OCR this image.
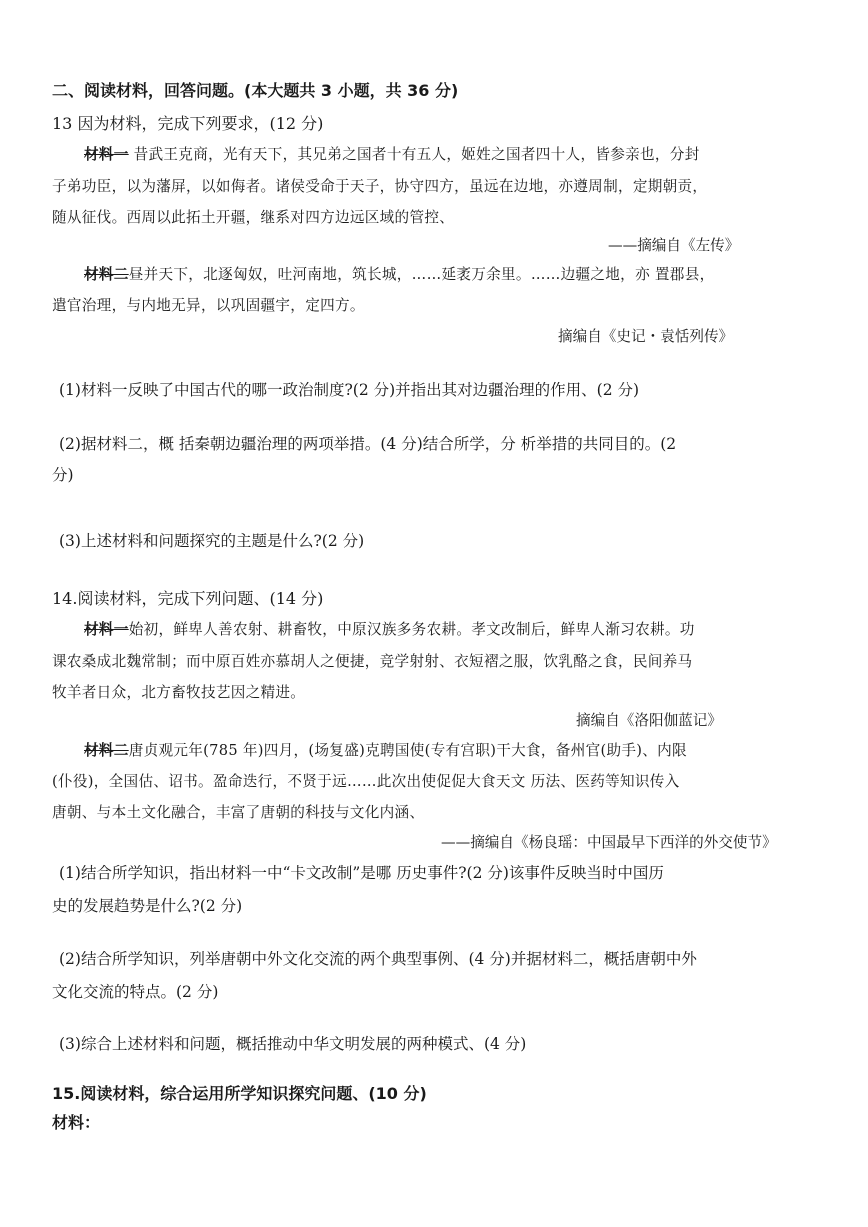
二、阅读材料，回答问题。(本大题共 3 小题，共 36 分)
13 因为材料，完成下列要求，(12 分)
材料一 昔武王克商，光有天下，其兄弟之国者十有五人，姬姓之国者四十人，皆参亲也，分封
子弟功臣，以为藩屏，以如侮者。诸侯受命于天子，协守四方，虽远在边地，亦遵周制，定期朝贡，
随从征伐。西周以此拓土开疆，继系对四方边远区域的管控、
——摘编自《左传》
材料二昼并天下，北逐匈奴，吐河南地，筑长城，……延袤万余里。……边疆之地，亦 置郡县，
遣官治理，与内地无异，以巩固疆宇，定四方。
摘编自《史记・袁恬列传》
(1)材料一反映了中国古代的哪一政治制度?(2 分)并指出其对边疆治理的作用、(2 分)
(2)据材料二，概 括秦朝边疆治理的两项举措。(4 分)结合所学，分 析举措的共同目的。(2
分)
(3)上述材料和问题探究的主题是什么?(2 分)
14.阅读材料，完成下列问题、(14 分)
材料一始初，鲜卑人善农射、耕畜牧，中原汉族多务农耕。孝文改制后，鲜卑人渐习农耕。功
课农桑成北魏常制；而中原百姓亦慕胡人之便捷，竞学射射、衣短褶之服，饮乳酪之食，民间养马
牧羊者日众，北方畜牧技艺因之精进。
摘编自《洛阳伽蓝记》
材料二唐贞观元年(785 年)四月，(场复盛)克聘国使(专有宫职)干大食，备州官(助手)、内限
(仆役)，全国估、诏书。盈命迭行，不贤于远……此次出使促促大食天文 历法、医药等知识传入
唐朝、与本土文化融合，丰富了唐朝的科技与文化内涵、
——摘编自《杨良瑶：中国最早下西洋的外交使节》
(1)结合所学知识，指出材料一中“卡文改制”是哪 历史事件?(2 分)该事件反映当时中国历
史的发展趋势是什么?(2 分)
(2)结合所学知识，列举唐朝中外文化交流的两个典型事例、(4 分)并据材料二，概括唐朝中外
文化交流的特点。(2 分)
(3)综合上述材料和问题，概括推动中华文明发展的两种模式、(4 分)
15.阅读材料，综合运用所学知识探究问题、(10 分)
材料：
